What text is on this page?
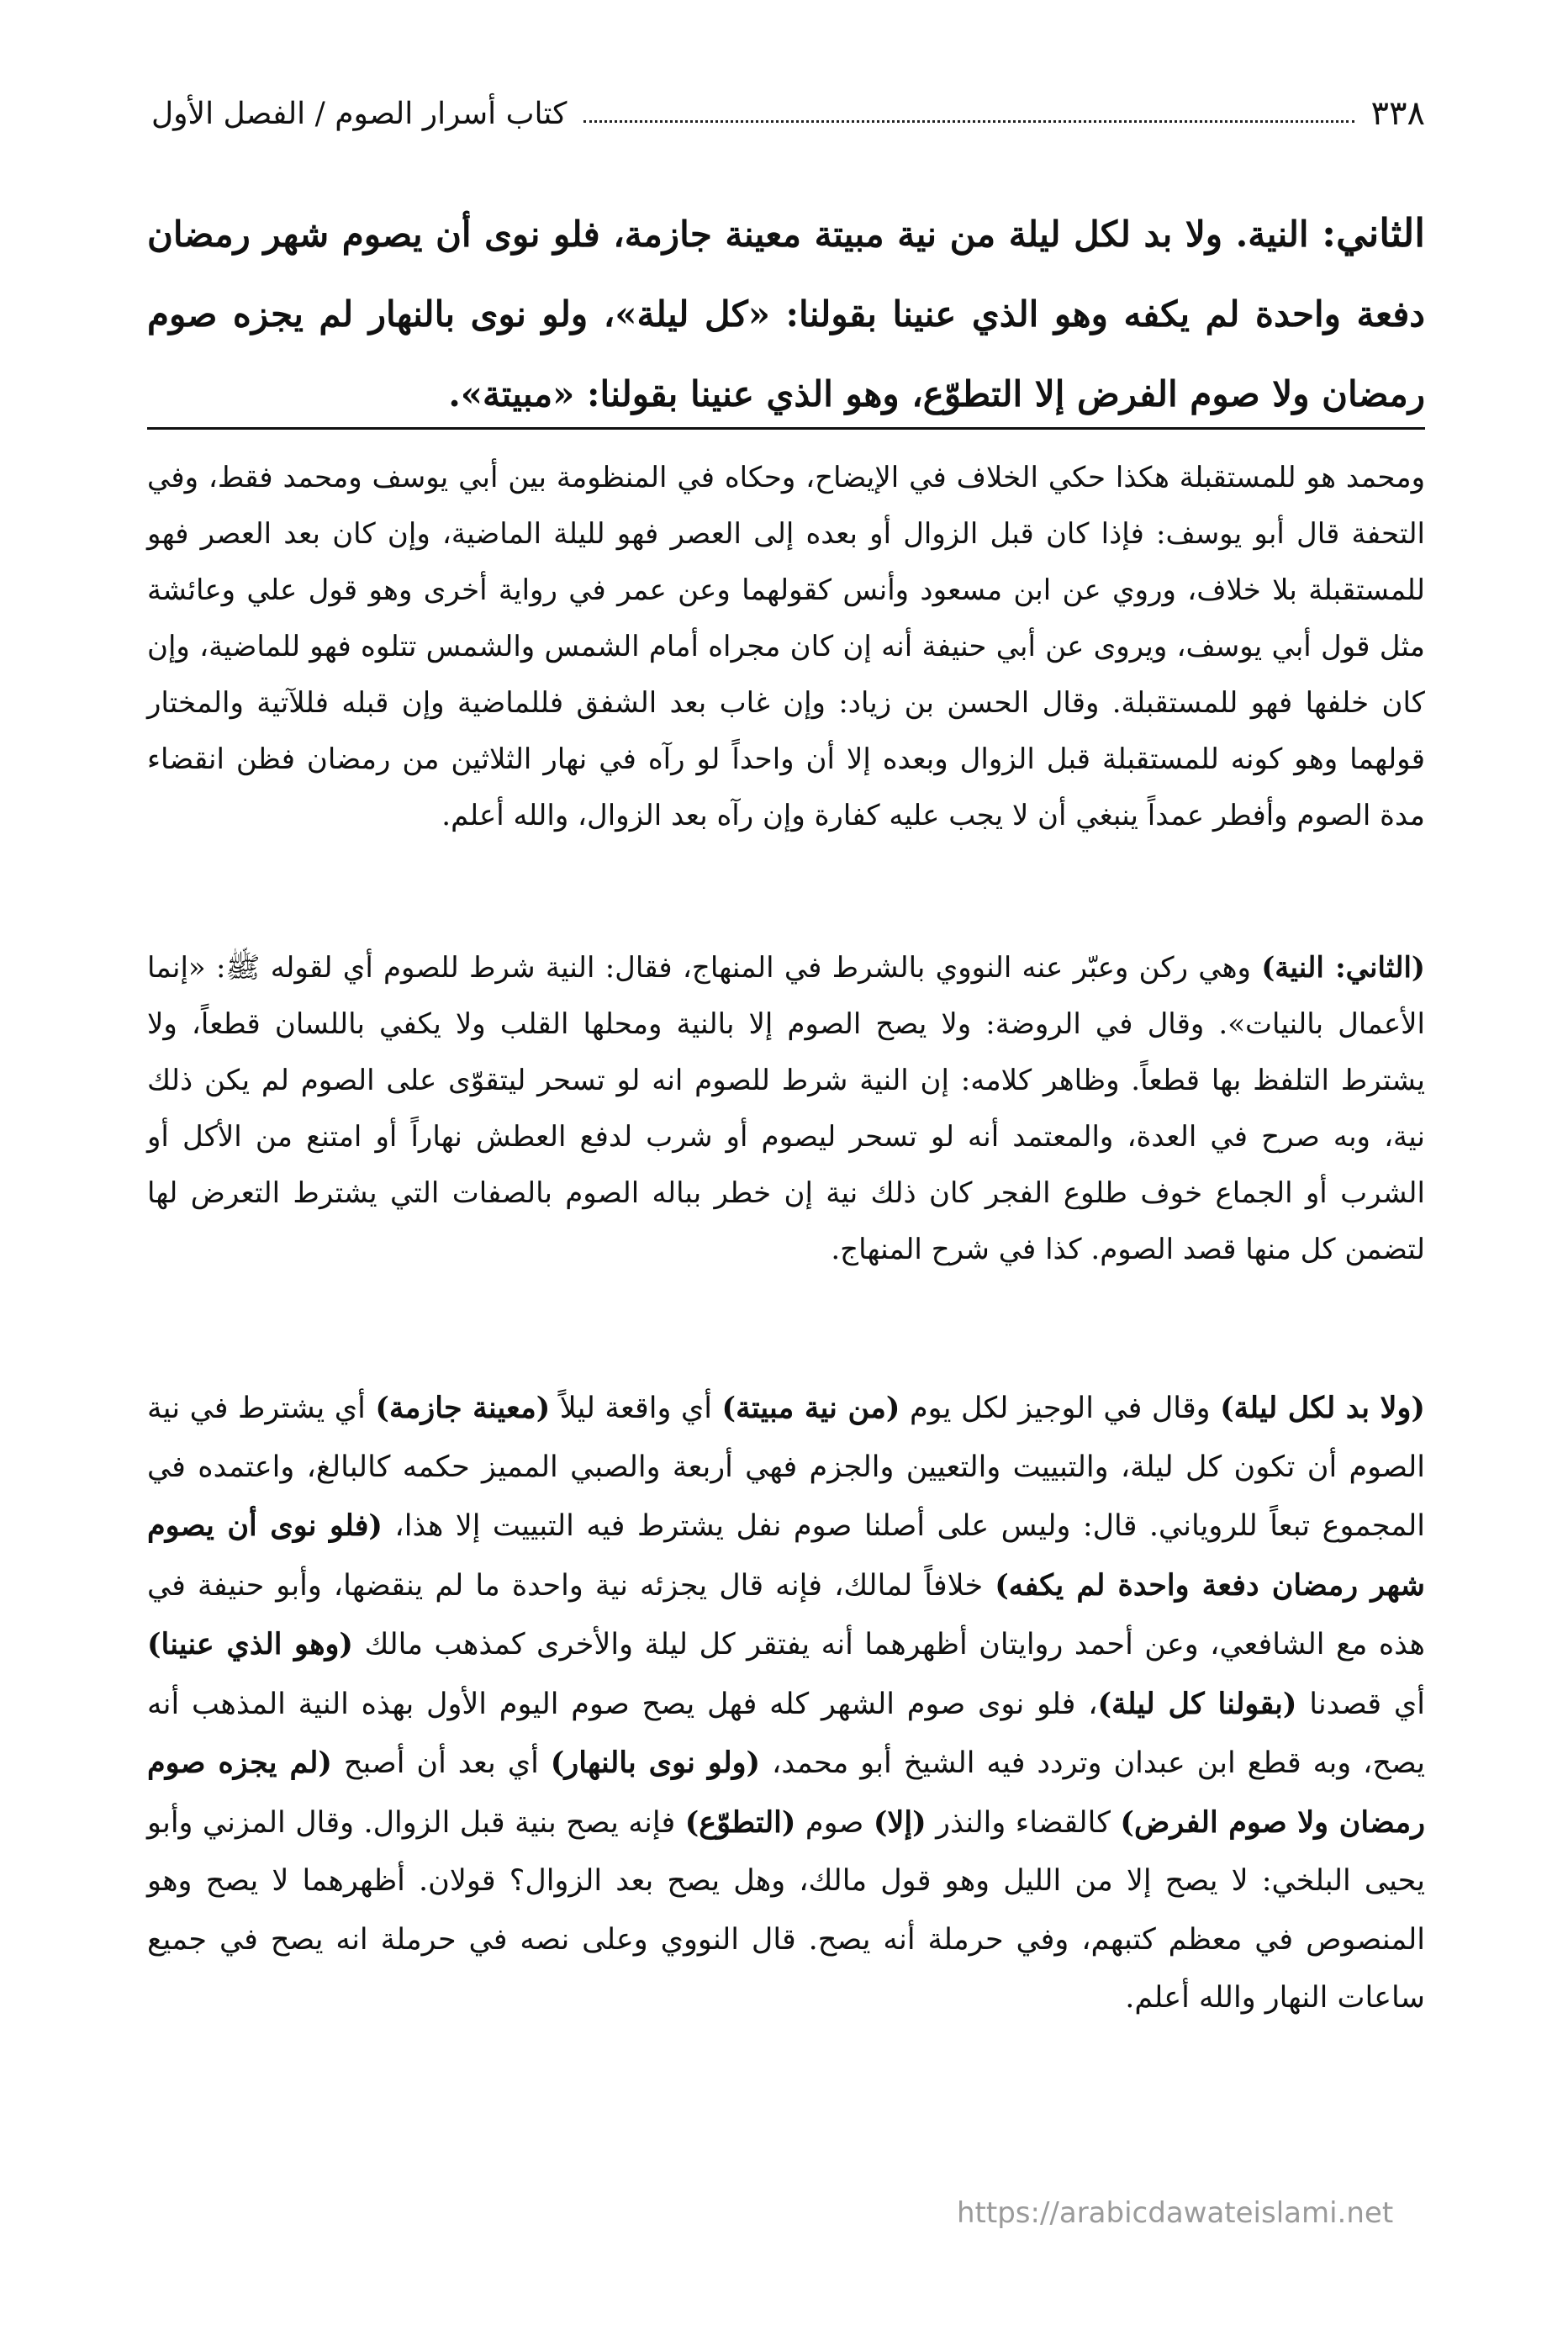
٣٣٨
كتاب أسرار الصوم / الفصل الأول
الثاني: النية. ولا بد لكل ليلة من نية مبيتة معينة جازمة، فلو نوى أن يصوم شهر رمضان دفعة واحدة لم يكفه وهو الذي عنينا بقولنا: «كل ليلة»، ولو نوى بالنهار لم يجزه صوم رمضان ولا صوم الفرض إلا التطوّع، وهو الذي عنينا بقولنا: «مبيتة».

ومحمد هو للمستقبلة هكذا حكي الخلاف في الإيضاح، وحكاه في المنظومة بين أبي يوسف ومحمد فقط، وفي التحفة قال أبو يوسف: فإذا كان قبل الزوال أو بعده إلى العصر فهو لليلة الماضية، وإن كان بعد العصر فهو للمستقبلة بلا خلاف، وروي عن ابن مسعود وأنس كقولهما وعن عمر في رواية أخرى وهو قول علي وعائشة مثل قول أبي يوسف، ويروى عن أبي حنيفة أنه إن كان مجراه أمام الشمس والشمس تتلوه فهو للماضية، وإن كان خلفها فهو للمستقبلة. وقال الحسن بن زياد: وإن غاب بعد الشفق فللماضية وإن قبله فللآتية والمختار قولهما وهو كونه للمستقبلة قبل الزوال وبعده إلا أن واحداً لو رآه في نهار الثلاثين من رمضان فظن انقضاء مدة الصوم وأفطر عمداً ينبغي أن لا يجب عليه كفارة وإن رآه بعد الزوال، والله أعلم.

(الثاني: النية) وهي ركن وعبّر عنه النووي بالشرط في المنهاج، فقال: النية شرط للصوم أي لقوله ﷺ: «إنما الأعمال بالنيات». وقال في الروضة: ولا يصح الصوم إلا بالنية ومحلها القلب ولا يكفي باللسان قطعاً، ولا يشترط التلفظ بها قطعاً. وظاهر كلامه: إن النية شرط للصوم انه لو تسحر ليتقوّى على الصوم لم يكن ذلك نية، وبه صرح في العدة، والمعتمد أنه لو تسحر ليصوم أو شرب لدفع العطش نهاراً أو امتنع من الأكل أو الشرب أو الجماع خوف طلوع الفجر كان ذلك نية إن خطر بباله الصوم بالصفات التي يشترط التعرض لها لتضمن كل منها قصد الصوم. كذا في شرح المنهاج.

(ولا بد لكل ليلة) وقال في الوجيز لكل يوم (من نية مبيتة) أي واقعة ليلاً (معينة جازمة) أي يشترط في نية الصوم أن تكون كل ليلة، والتبييت والتعيين والجزم فهي أربعة والصبي المميز حكمه كالبالغ، واعتمده في المجموع تبعاً للروياني. قال: وليس على أصلنا صوم نفل يشترط فيه التبييت إلا هذا، (فلو نوى أن يصوم شهر رمضان دفعة واحدة لم يكفه) خلافاً لمالك، فإنه قال يجزئه نية واحدة ما لم ينقضها، وأبو حنيفة في هذه مع الشافعي، وعن أحمد روايتان أظهرهما أنه يفتقر كل ليلة والأخرى كمذهب مالك (وهو الذي عنينا) أي قصدنا (بقولنا كل ليلة)، فلو نوى صوم الشهر كله فهل يصح صوم اليوم الأول بهذه النية المذهب أنه يصح، وبه قطع ابن عبدان وتردد فيه الشيخ أبو محمد، (ولو نوى بالنهار) أي بعد أن أصبح (لم يجزه صوم رمضان ولا صوم الفرض) كالقضاء والنذر (إلا) صوم (التطوّع) فإنه يصح بنية قبل الزوال. وقال المزني وأبو يحيى البلخي: لا يصح إلا من الليل وهو قول مالك، وهل يصح بعد الزوال؟ قولان. أظهرهما لا يصح وهو المنصوص في معظم كتبهم، وفي حرملة أنه يصح. قال النووي وعلى نصه في حرملة انه يصح في جميع ساعات النهار والله أعلم.

https://arabicdawateislami.net
